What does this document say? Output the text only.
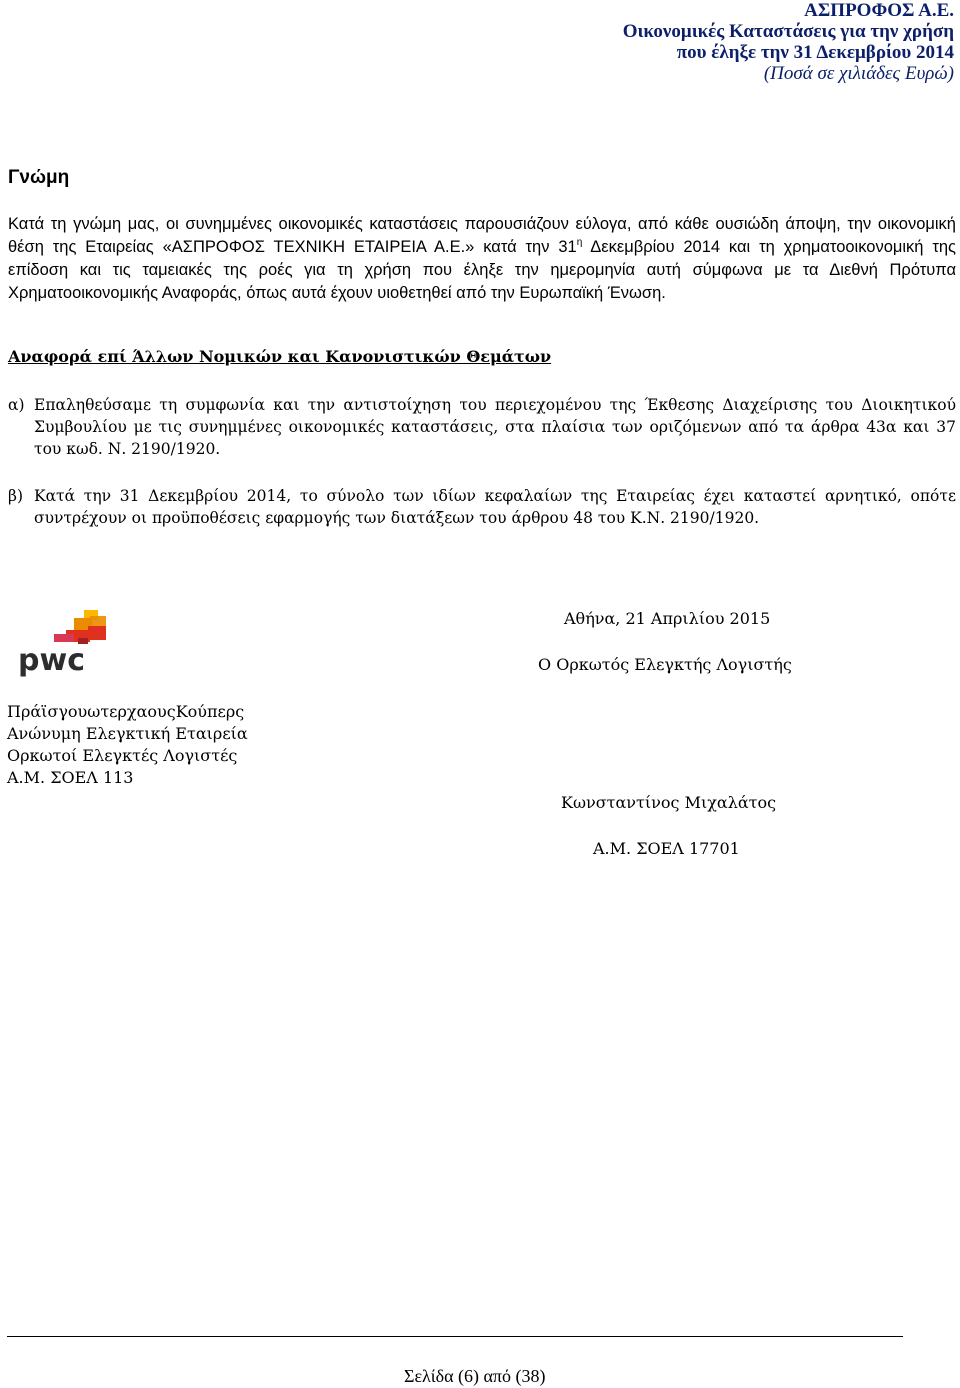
ΑΣΠΡΟΦΟΣ Α.Ε.
Οικονομικές Καταστάσεις για την χρήση
που έληξε την 31 Δεκεμβρίου 2014
(Ποσά σε χιλιάδες Ευρώ)
Γνώμη
Κατά τη γνώμη μας, οι συνημμένες οικονομικές καταστάσεις παρουσιάζουν εύλογα, από κάθε ουσιώδη άποψη, την οικονομική θέση της Εταιρείας «ΑΣΠΡΟΦΟΣ ΤΕΧΝΙΚΗ ΕΤΑΙΡΕΙΑ Α.Ε.» κατά την $31^\eta$ Δεκεμβρίου 2014 και τη χρηματοοικονομική της επίδοση και τις ταμειακές της ροές για τη χρήση που έληξε την ημερομηνία αυτή σύμφωνα με τα Διεθνή Πρότυπα Χρηματοοικονομικής Αναφοράς, όπως αυτά έχουν υιοθετηθεί από την Ευρωπαϊκή Ένωση.
Αναφορά επί Άλλων Νομικών και Κανονιστικών Θεμάτων
α) Επαληθεύσαμε τη συμφωνία και την αντιστοίχηση του περιεχομένου της Έκθεσης Διαχείρισης του Διοικητικού Συμβουλίου με τις συνημμένες οικονομικές καταστάσεις, στα πλαίσια των οριζόμενων από τα άρθρα 43α και 37 του κωδ. Ν. 2190/1920.
β) Κατά την 31 Δεκεμβρίου 2014, το σύνολο των ιδίων κεφαλαίων της Εταιρείας έχει καταστεί αρνητικό, οπότε συντρέχουν οι προϋποθέσεις εφαρμογής των διατάξεων του άρθρου 48 του Κ.Ν. 2190/1920.
pwc
Αθήνα, 21 Απριλίου 2015
Ο Ορκωτός Ελεγκτής Λογιστής
ΠράϊσγουωτερχαουςΚούπερς
Ανώνυμη Ελεγκτική Εταιρεία
Ορκωτοί Ελεγκτές Λογιστές
Α.Μ. ΣΟΕΛ 113
Κωνσταντίνος Μιχαλάτος
Α.Μ. ΣΟΕΛ 17701
Σελίδα (6) από (38)
